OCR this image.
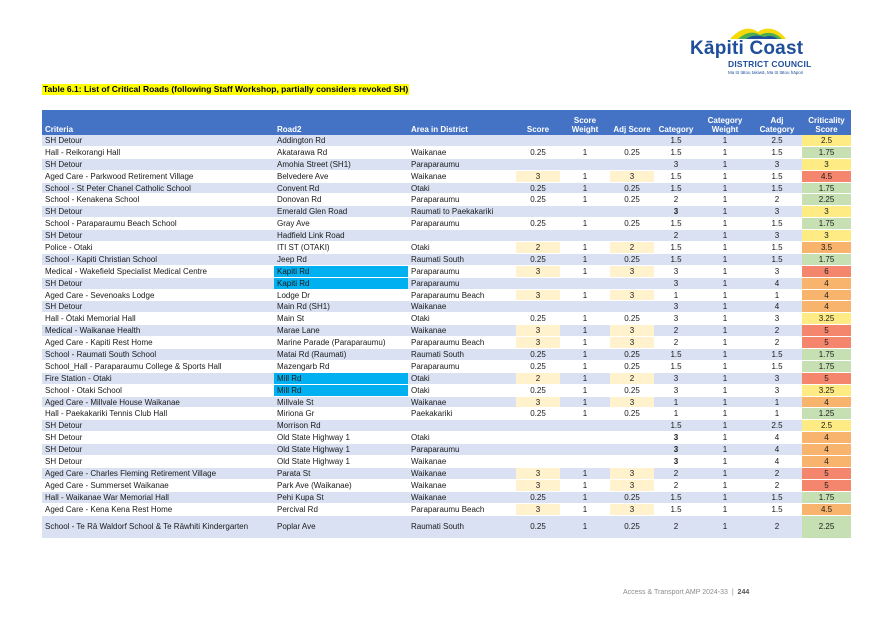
Kāpiti Coast
DISTRICT COUNCIL
Ma tō tātou takiwā, Ma tō tātou hāpori
Table 6.1: List of Critical Roads (following Staff Workshop, partially considers revoked SH)
Criteria	Road2	Area in District	Score	Score Weight	Adj Score	Category	Category Weight	Adj Category	Criticality Score
SH Detour	Addington Rd					1.5	1	2.5	2.5
Hall - Reikorangi Hall	Akatarawa Rd	Waikanae	0.25	1	0.25	1.5	1	1.5	1.75
SH Detour	Amohia Street (SH1)	Paraparaumu				3	1	3	3
Aged Care - Parkwood Retirement Village	Belvedere Ave	Waikanae	3	1	3	1.5	1	1.5	4.5
School - St Peter Chanel Catholic School	Convent Rd	Otaki	0.25	1	0.25	1.5	1	1.5	1.75
School - Kenakena School	Donovan Rd	Paraparaumu	0.25	1	0.25	2	1	2	2.25
SH Detour	Emerald Glen Road	Raumati to Paekakariki				3	1	3	3
School - Paraparaumu Beach School	Gray Ave	Paraparaumu	0.25	1	0.25	1.5	1	1.5	1.75
SH Detour	Hadfield Link Road					2	1	3	3
Police - Otaki	ITI ST (OTAKI)	Otaki	2	1	2	1.5	1	1.5	3.5
School - Kapiti Christian School	Jeep Rd	Raumati South	0.25	1	0.25	1.5	1	1.5	1.75
Medical - Wakefield Specialist Medical Centre	Kapiti Rd	Paraparaumu	3	1	3	3	1	3	6
SH Detour	Kapiti Rd	Paraparaumu				3	1	4	4
Aged Care - Sevenoaks Lodge	Lodge Dr	Paraparaumu Beach	3	1	3	1	1	1	4
SH Detour	Main Rd (SH1)	Waikanae				3	1	4	4
Hall - Ōtaki Memorial Hall	Main St	Otaki	0.25	1	0.25	3	1	3	3.25
Medical - Waikanae Health	Marae Lane	Waikanae	3	1	3	2	1	2	5
Aged Care - Kapiti Rest Home	Marine Parade (Paraparaumu)	Paraparaumu Beach	3	1	3	2	1	2	5
School - Raumati South School	Matai Rd (Raumati)	Raumati South	0.25	1	0.25	1.5	1	1.5	1.75
School_Hall - Paraparaumu College & Sports Hall	Mazengarb Rd	Paraparaumu	0.25	1	0.25	1.5	1	1.5	1.75
Fire Station - Otaki	Mill Rd	Otaki	2	1	2	3	1	3	5
School - Otaki School	Mill Rd	Otaki	0.25	1	0.25	3	1	3	3.25
Aged Care - Millvale House Waikanae	Millvale St	Waikanae	3	1	3	1	1	1	4
Hall - Paekakariki Tennis Club Hall	Miriona Gr	Paekakariki	0.25	1	0.25	1	1	1	1.25
SH Detour	Morrison Rd					1.5	1	2.5	2.5
SH Detour	Old State Highway 1	Otaki				3	1	4	4
SH Detour	Old State Highway 1	Paraparaumu				3	1	4	4
SH Detour	Old State Highway 1	Waikanae				3	1	4	4
Aged Care - Charles Fleming Retirement Village	Parata St	Waikanae	3	1	3	2	1	2	5
Aged Care - Summerset Waikanae	Park Ave (Waikanae)	Waikanae	3	1	3	2	1	2	5
Hall - Waikanae War Memorial Hall	Pehi Kupa St	Waikanae	0.25	1	0.25	1.5	1	1.5	1.75
Aged Care - Kena Kena Rest Home	Percival Rd	Paraparaumu Beach	3	1	3	1.5	1	1.5	4.5
School - Te Rā Waldorf School & Te Rāwhiti Kindergarten	Poplar Ave	Raumati South	0.25	1	0.25	2	1	2	2.25
Access & Transport AMP 2024-33 | 244
